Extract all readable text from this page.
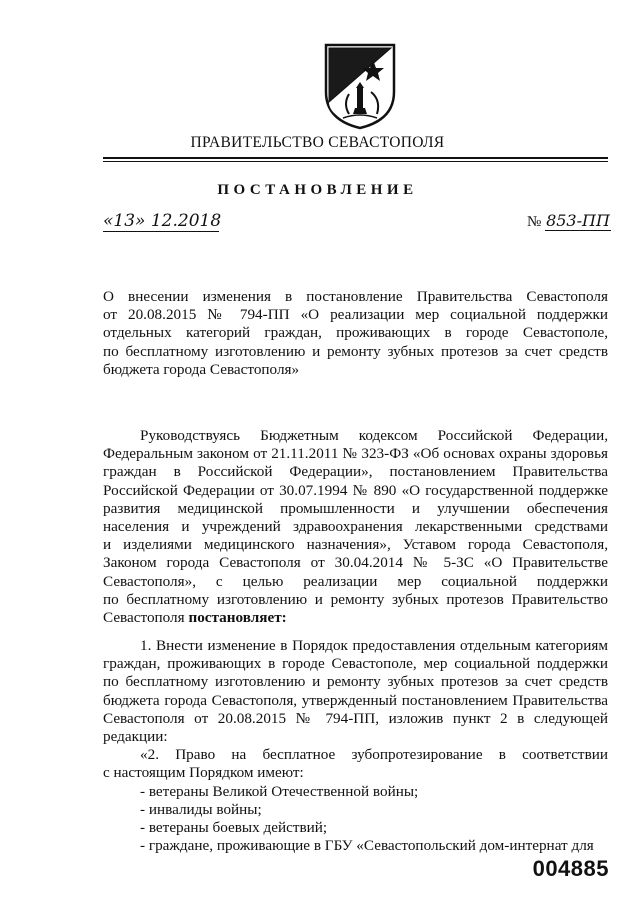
ПРАВИТЕЛЬСТВО СЕВАСТОПОЛЯ
ПОСТАНОВЛЕНИЕ
«13» 12.2018	№ 853-ПП
О внесении изменения в постановление Правительства Севастополя
от 20.08.2015 № 794-ПП «О реализации мер социальной поддержки
отдельных категорий граждан, проживающих в городе Севастополе,
по бесплатному изготовлению и ремонту зубных протезов за счет средств
бюджета города Севастополя»
Руководствуясь Бюджетным кодексом Российской Федерации,
Федеральным законом от 21.11.2011 № 323-ФЗ «Об основах охраны здоровья
граждан в Российской Федерации», постановлением Правительства
Российской Федерации от 30.07.1994 № 890 «О государственной поддержке
развития медицинской промышленности и улучшении обеспечения
населения и учреждений здравоохранения лекарственными средствами
и изделиями медицинского назначения», Уставом города Севастополя,
Законом города Севастополя от 30.04.2014 № 5-ЗС «О Правительстве
Севастополя», с целью реализации мер социальной поддержки
по бесплатному изготовлению и ремонту зубных протезов Правительство
Севастополя постановляет:
1. Внести изменение в Порядок предоставления отдельным категориям
граждан, проживающих в городе Севастополе, мер социальной поддержки
по бесплатному изготовлению и ремонту зубных протезов за счет средств
бюджета города Севастополя, утвержденный постановлением Правительства
Севастополя от 20.08.2015 № 794-ПП, изложив пункт 2 в следующей
редакции:
«2. Право на бесплатное зубопротезирование в соответствии
с настоящим Порядком имеют:
- ветераны Великой Отечественной войны;
- инвалиды войны;
- ветераны боевых действий;
- граждане, проживающие в ГБУ «Севастопольский дом-интернат для
004885
